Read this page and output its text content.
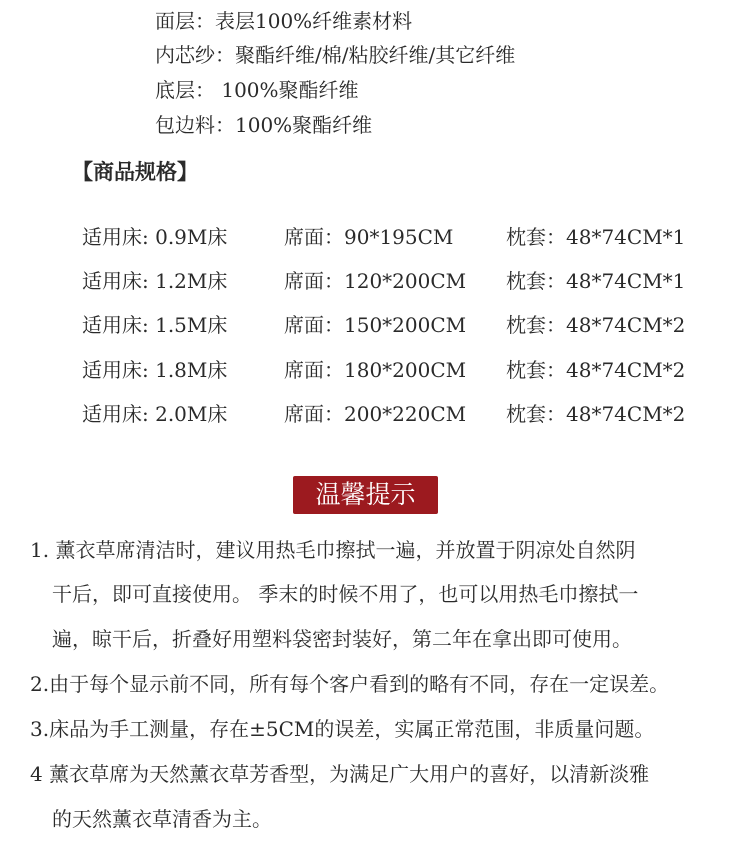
面层：表层100%纤维素材料
内芯纱：聚酯纤维/棉/粘胶纤维/其它纤维
底层： 100%聚酯纤维
包边料：100%聚酯纤维
【商品规格】
适用床: 0.9M床	席面：90*195CM	枕套：48*74CM*1
适用床: 1.2M床	席面：120*200CM 枕套：48*74CM*1
适用床: 1.5M床	席面：150*200CM 枕套：48*74CM*2
适用床: 1.8M床	席面：180*200CM 枕套：48*74CM*2
适用床: 2.0M床	席面：200*220CM 枕套：48*74CM*2
温馨提示
1. 薰衣草席清洁时，建议用热毛巾擦拭一遍，并放置于阴凉处自然阴
干后，即可直接使用。 季末的时候不用了，也可以用热毛巾擦拭一
遍，晾干后，折叠好用塑料袋密封装好，第二年在拿出即可使用。
2.由于每个显示前不同，所有每个客户看到的略有不同，存在一定误差。
3.床品为手工测量，存在±5CM的误差，实属正常范围，非质量问题。
4 薰衣草席为天然薰衣草芳香型，为满足广大用户的喜好，以清新淡雅
的天然薰衣草清香为主。
